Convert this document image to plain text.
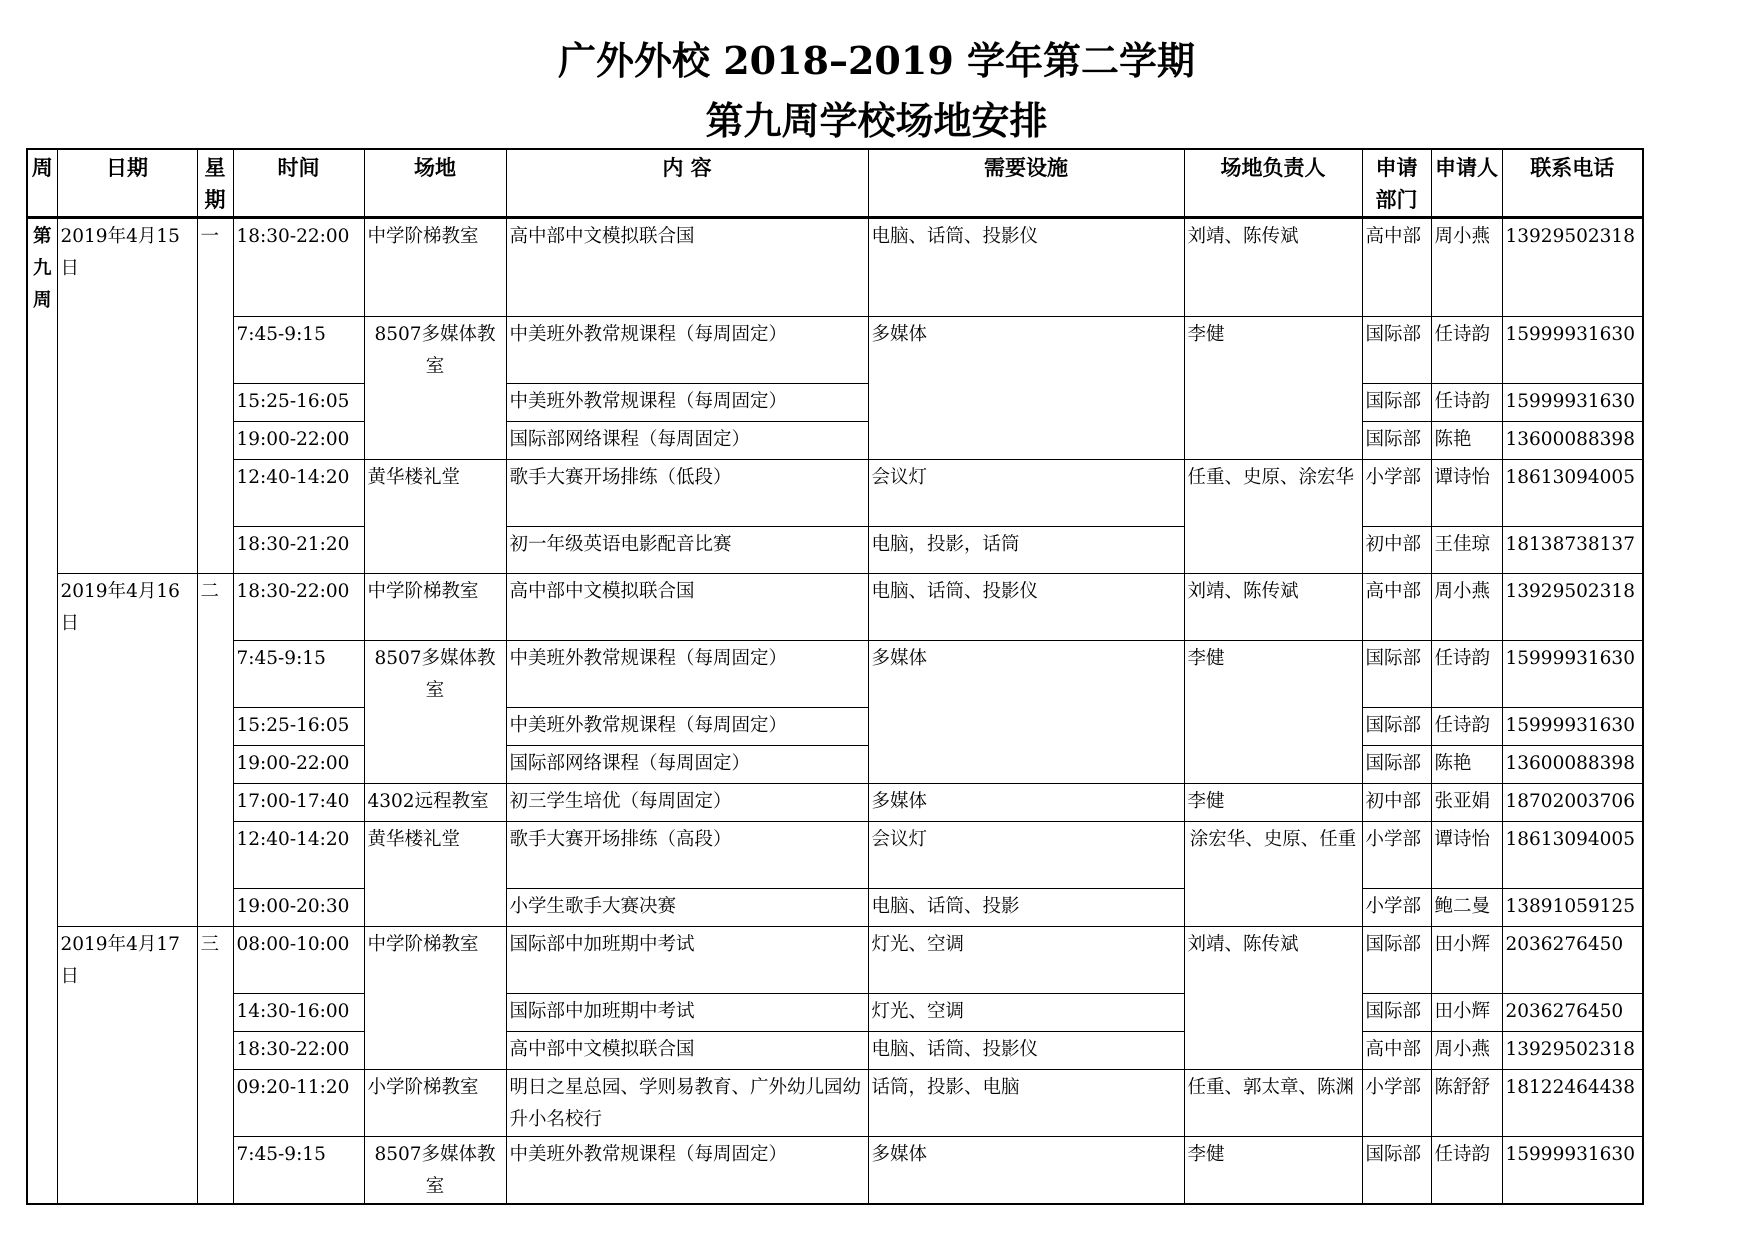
广外外校 2018–2019 学年第二学期
第九周学校场地安排
周	日期	星期	时间	场地	内 容	需要设施	场地负责人	申请部门	申请人	联系电话
第九周	2019年4月15日	一	18:30-22:00	中学阶梯教室	高中部中文模拟联合国	电脑、话筒、投影仪	刘靖、陈传斌	高中部	周小燕	13929502318
			7:45-9:15	8507多媒体教室	中美班外教常规课程（每周固定）	多媒体	李健	国际部	任诗韵	15999931630
			15:25-16:05		中美班外教常规课程（每周固定）			国际部	任诗韵	15999931630
			19:00-22:00		国际部网络课程（每周固定）			国际部	陈艳	13600088398
			12:40-14:20	黄华楼礼堂	歌手大赛开场排练（低段）	会议灯	任重、史原、涂宏华	小学部	谭诗怡	18613094005
			18:30-21:20		初一年级英语电影配音比赛	电脑，投影，话筒		初中部	王佳琼	18138738137
	2019年4月16日	二	18:30-22:00	中学阶梯教室	高中部中文模拟联合国	电脑、话筒、投影仪	刘靖、陈传斌	高中部	周小燕	13929502318
			7:45-9:15	8507多媒体教室	中美班外教常规课程（每周固定）	多媒体	李健	国际部	任诗韵	15999931630
			15:25-16:05		中美班外教常规课程（每周固定）			国际部	任诗韵	15999931630
			19:00-22:00		国际部网络课程（每周固定）			国际部	陈艳	13600088398
			17:00-17:40	4302远程教室	初三学生培优（每周固定）	多媒体	李健	初中部	张亚娟	18702003706
			12:40-14:20	黄华楼礼堂	歌手大赛开场排练（高段）	会议灯	涂宏华、史原、任重	小学部	谭诗怡	18613094005
			19:00-20:30		小学生歌手大赛决赛	电脑、话筒、投影		小学部	鲍二曼	13891059125
	2019年4月17日	三	08:00-10:00	中学阶梯教室	国际部中加班期中考试	灯光、空调	刘靖、陈传斌	国际部	田小辉	2036276450
			14:30-16:00		国际部中加班期中考试	灯光、空调		国际部	田小辉	2036276450
			18:30-22:00		高中部中文模拟联合国	电脑、话筒、投影仪		高中部	周小燕	13929502318
			09:20-11:20	小学阶梯教室	明日之星总园、学则易教育、广外幼儿园幼升小名校行	话筒，投影、电脑	任重、郭太章、陈渊	小学部	陈舒舒	18122464438
			7:45-9:15	8507多媒体教室	中美班外教常规课程（每周固定）	多媒体	李健	国际部	任诗韵	15999931630
